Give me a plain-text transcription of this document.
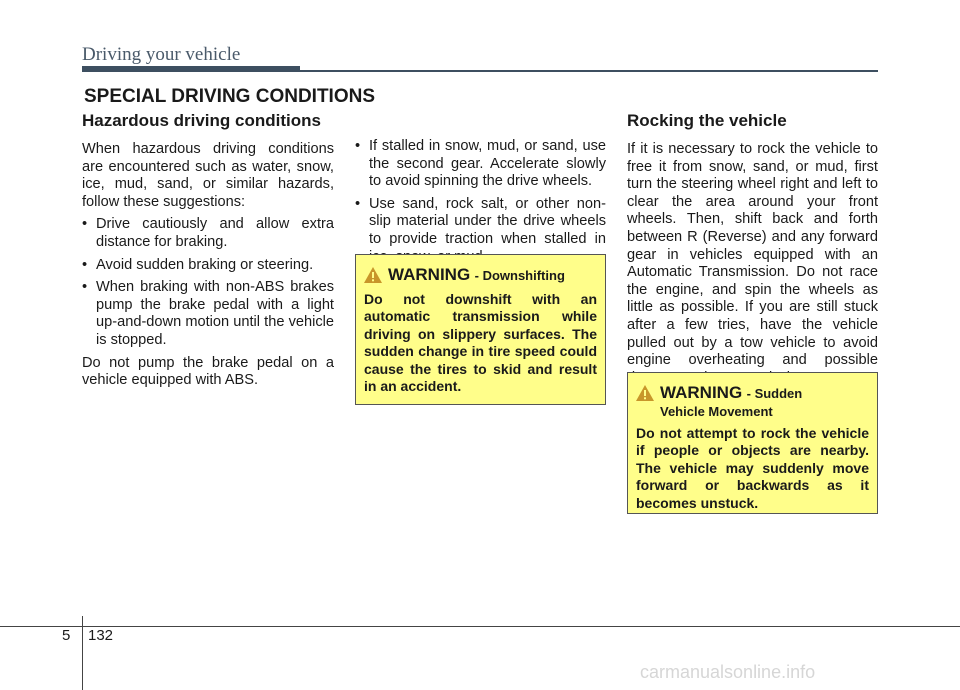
Driving your vehicle
SPECIAL DRIVING CONDITIONS
Hazardous driving conditions

When hazardous driving conditions are encountered such as water, snow, ice, mud, sand, or similar hazards, follow these suggestions:

• Drive cautiously and allow extra distance for braking.
• Avoid sudden braking or steering.
• When braking with non-ABS brakes pump the brake pedal with a light up-and-down motion until the vehicle is stopped.

Do not pump the brake pedal on a vehicle equipped with ABS.

• If stalled in snow, mud, or sand, use the second gear. Accelerate slowly to avoid spinning the drive wheels.
• Use sand, rock salt, or other non-slip material under the drive wheels to provide traction when stalled in
WARNING - Downshifting
Do not downshift with an automatic transmission while driving on slippery surfaces. The sudden change in tire speed could cause the tires to skid and result in an accident.
Rocking the vehicle

If it is necessary to rock the vehicle to free it from snow, sand, or mud, first turn the steering wheel right and left to clear the area around your front wheels. Then, shift back and forth between R (Reverse) and any forward gear in vehicles equipped with an Automatic Transmission. Do not race the engine, and spin the wheels as little as possible. If you are still stuck after a few tries, have the vehicle pulled out by a tow vehicle to avoid engine overheating and possible

WARNING - Sudden
Vehicle Movement
Do not attempt to rock the vehicle if people or objects are nearby. The vehicle may suddenly move forward or backwards as it becomes unstuck.
5 132
carmanualsonline.info
